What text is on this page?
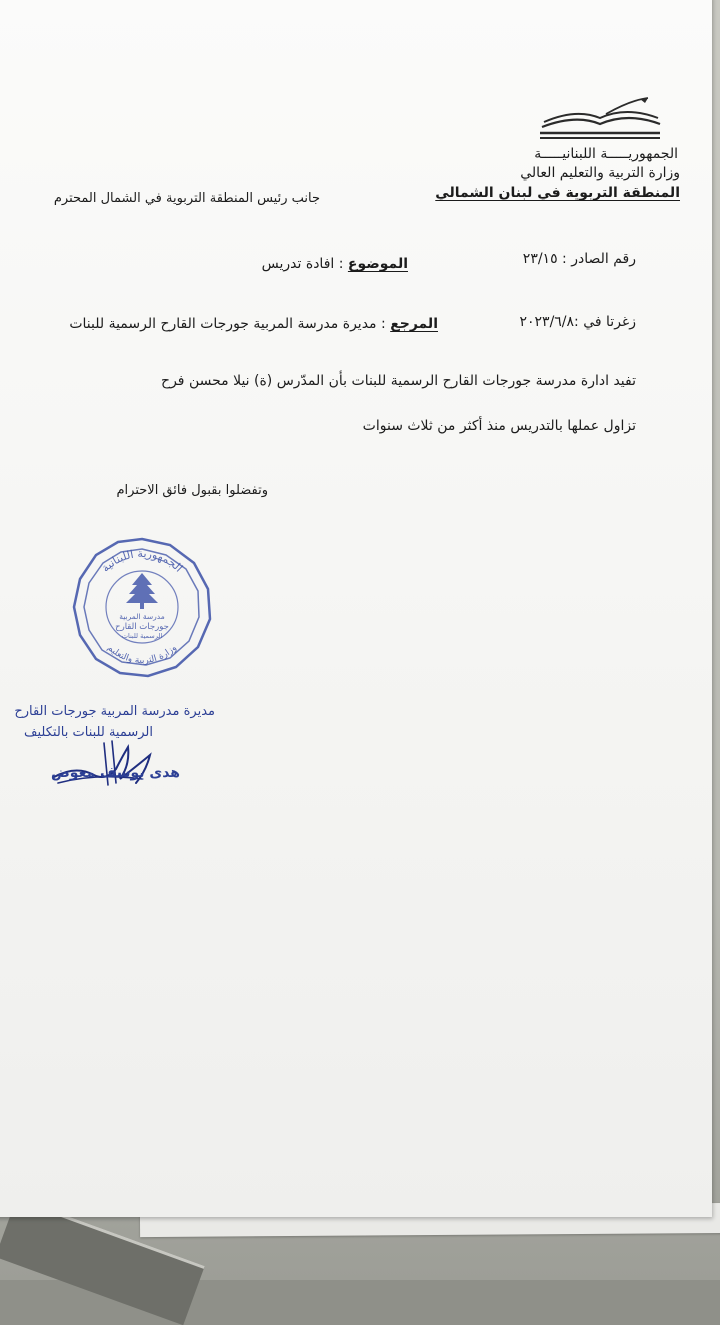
الجمهوريـــــة اللبنانيـــــة
وزارة التربية والتعليم العالي
المنطقة التربوية في لبنان الشمالي
جانب رئيس المنطقة التربوية في الشمال المحترم
رقم الصادر : ٢٣/١٥
الموضوع : افادة تدريس
زغرتا في :٢٠٢٣/٦/٨
المرجع : مديرة مدرسة المربية جورجات القارح الرسمية للبنات
تفيد ادارة مدرسة جورجات القارح الرسمية للبنات بأن المدّرس (ة) نيلا محسن فرح
تزاول عملها بالتدريس منذ أكثر من ثلاث سنوات
وتفضلوا بقبول فائق الاحترام
الجمهورية اللبنانية
مدرسة المربية
جورجات القارح
الرسمية للبنات
وزارة التربية والتعليم
مديرة مدرسة المربية جورجات القارح
الرسمية للبنات بالتكليف
هدى يوسف معوض
